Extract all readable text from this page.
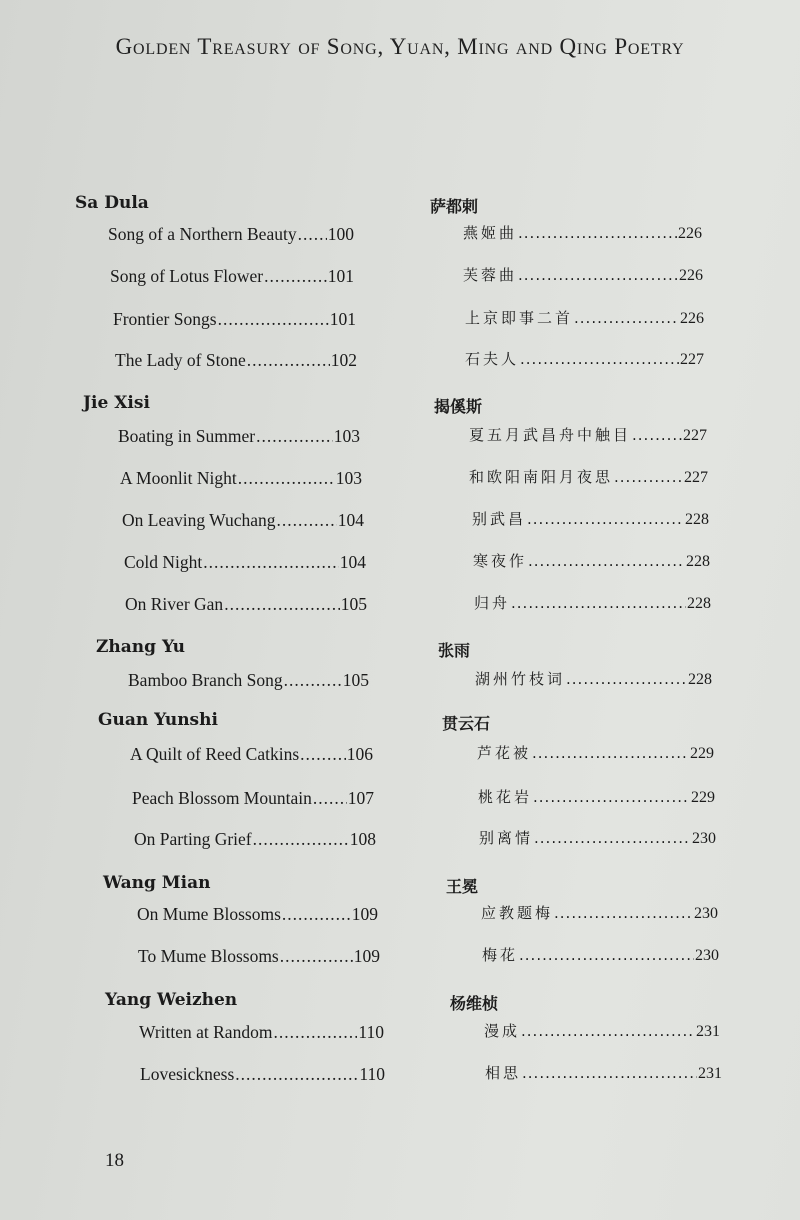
Golden Treasury of Song, Yuan, Ming and Qing Poetry
Sa Dula
Song of a Northern Beauty ..... 100
Song of Lotus Flower .....	101
Frontier Songs .....	101
The Lady of Stone .....	102
Jie Xisi
Boating in Summer .....	103
A Moonlit Night .....	103
On Leaving Wuchang .....	104
Cold Night .....	104
On River Gan .....	105
Zhang Yu
Bamboo Branch Song .....	105
Guan Yunshi
A Quilt of Reed Catkins .....	106
Peach Blossom Mountain ..... 107
On Parting Grief .....	108
Wang Mian
On Mume Blossoms .....	109
To Mume Blossoms .....	109
Yang Weizhen
Written at Random .....	110
Lovesickness .....	110
萨都剌
燕姬曲 .....	226
芙蓉曲 .....	226
上京即事二首 .....	226
石夫人 .....	227
揭傒斯
夏五月武昌舟中触目 .....	227
和欧阳南阳月夜思 .....	227
别武昌 .....	228
寒夜作 .....	228
归舟 .....	228
张雨
湖州竹枝词 .....	228
贯云石
芦花被 .....	229
桃花岩 .....	229
别离情 .....	230
王冕
应教题梅 .....	230
梅花 .....	230
杨维桢
漫成 .....	231
相思 .....	231
18
